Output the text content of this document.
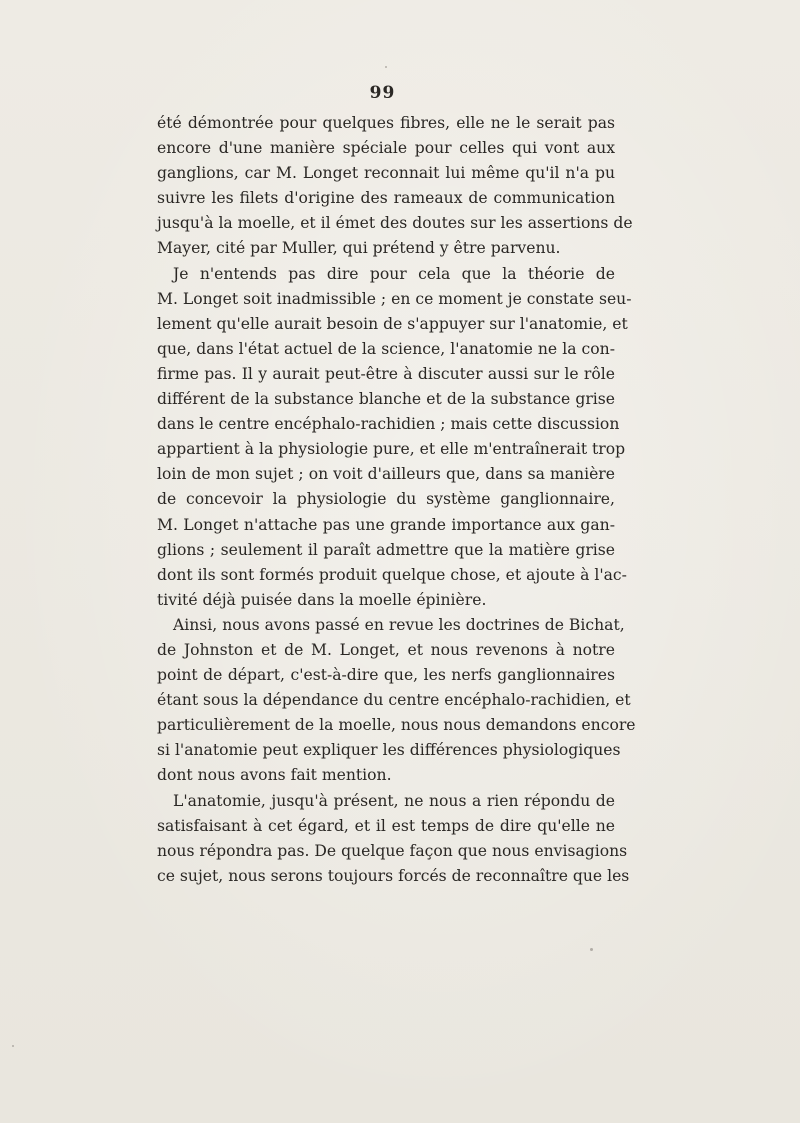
99
été démontrée pour quelques fibres, elle ne le serait pas
encore d'une manière spéciale pour celles qui vont aux
ganglions, car M. Longet reconnait lui même qu'il n'a pu
suivre les filets d'origine des rameaux de communication
jusqu'à la moelle, et il émet des doutes sur les assertions de
Mayer, cité par Muller, qui prétend y être parvenu.
Je n'entends pas dire pour cela que la théorie de
M. Longet soit inadmissible ; en ce moment je constate seu-
lement qu'elle aurait besoin de s'appuyer sur l'anatomie, et
que, dans l'état actuel de la science, l'anatomie ne la con-
firme pas. Il y aurait peut-être à discuter aussi sur le rôle
différent de la substance blanche et de la substance grise
dans le centre encéphalo-rachidien ; mais cette discussion
appartient à la physiologie pure, et elle m'entraînerait trop
loin de mon sujet ; on voit d'ailleurs que, dans sa manière
de concevoir la physiologie du système ganglionnaire,
M. Longet n'attache pas une grande importance aux gan-
glions ; seulement il paraît admettre que la matière grise
dont ils sont formés produit quelque chose, et ajoute à l'ac-
tivité déjà puisée dans la moelle épinière.
Ainsi, nous avons passé en revue les doctrines de Bichat,
de Johnston et de M. Longet, et nous revenons à notre
point de départ, c'est-à-dire que, les nerfs ganglionnaires
étant sous la dépendance du centre encéphalo-rachidien, et
particulièrement de la moelle, nous nous demandons encore
si l'anatomie peut expliquer les différences physiologiques
dont nous avons fait mention.
L'anatomie, jusqu'à présent, ne nous a rien répondu de
satisfaisant à cet égard, et il est temps de dire qu'elle ne
nous répondra pas. De quelque façon que nous envisagions
ce sujet, nous serons toujours forcés de reconnaître que les
